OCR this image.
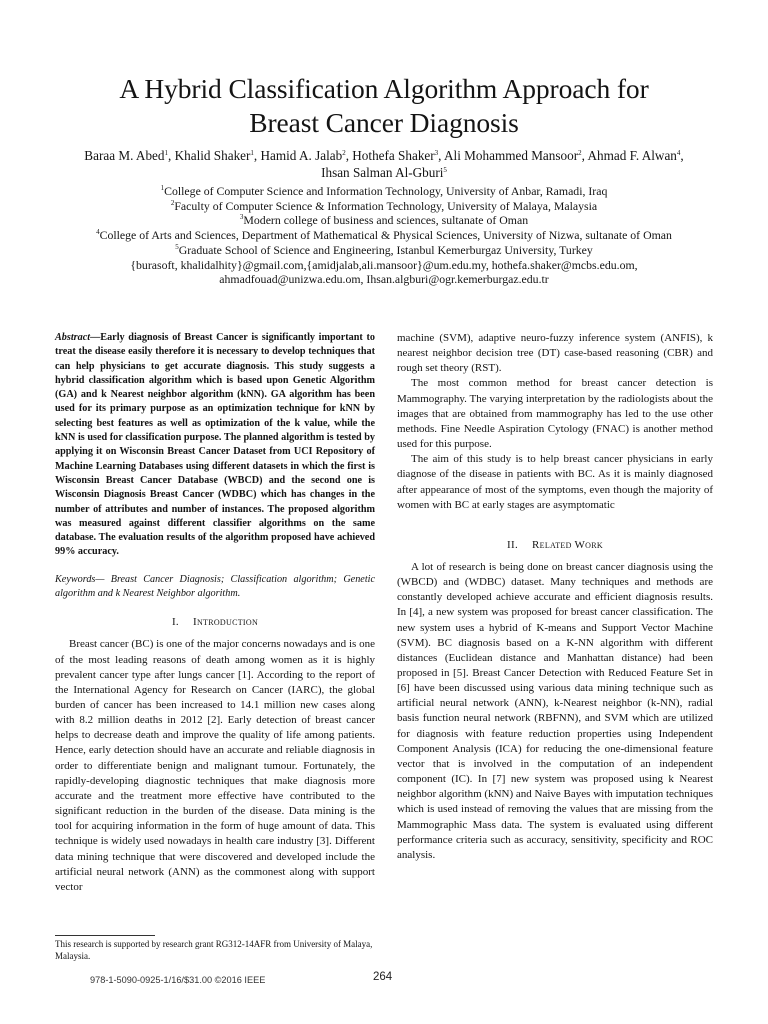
A Hybrid Classification Algorithm Approach for
Breast Cancer Diagnosis
Baraa M. Abed$^1$, Khalid Shaker$^1$, Hamid A. Jalab$^2$, Hothefa Shaker$^3$, Ali Mohammed Mansoor$^2$, Ahmad F. Alwan$^4$,
Ihsan Salman Al-Gburi$^5$
$^1$College of Computer Science and Information Technology, University of Anbar, Ramadi, Iraq
$^2$Faculty of Computer Science & Information Technology, University of Malaya, Malaysia
$^3$Modern college of business and sciences, sultanate of Oman
$^4$College of Arts and Sciences, Department of Mathematical & Physical Sciences, University of Nizwa, sultanate of Oman
$^5$Graduate School of Science and Engineering, Istanbul Kemerburgaz University, Turkey
{burasoft, khalidalhity}@gmail.com,{amidjalab,ali.mansoor}@um.edu.my, hothefa.shaker@mcbs.edu.om,
ahmadfouad@unizwa.edu.om, Ihsan.algburi@ogr.kemerburgaz.edu.tr

Abstract—Early diagnosis of Breast Cancer is significantly important to treat the disease easily therefore it is necessary to develop techniques that can help physicians to get accurate diagnosis. This study suggests a hybrid classification algorithm which is based upon Genetic Algorithm (GA) and k Nearest neighbor algorithm (kNN). GA algorithm has been used for its primary purpose as an optimization technique for kNN by selecting best features as well as optimization of the k value, while the kNN is used for classification purpose. The planned algorithm is tested by applying it on Wisconsin Breast Cancer Dataset from UCI Repository of Machine Learning Databases using different datasets in which the first is Wisconsin Breast Cancer Database (WBCD) and the second one is Wisconsin Diagnosis Breast Cancer (WDBC) which has changes in the number of attributes and number of instances. The proposed algorithm was measured against different classifier algorithms on the same database. The evaluation results of the algorithm proposed have achieved 99% accuracy.

Keywords— Breast Cancer Diagnosis; Classification algorithm; Genetic algorithm and k Nearest Neighbor algorithm.

I. Introduction

Breast cancer (BC) is one of the major concerns nowadays and is one of the most leading reasons of death among women as it is highly prevalent cancer type after lungs cancer [1]. According to the report of the International Agency for Research on Cancer (IARC), the global burden of cancer has been increased to 14.1 million new cases along with 8.2 million deaths in 2012 [2]. Early detection of breast cancer helps to decrease death and improve the quality of life among patients. Hence, early detection should have an accurate and reliable diagnosis in order to differentiate benign and malignant tumour. Fortunately, the rapidly-developing diagnostic techniques that make diagnosis more accurate and the treatment more effective have contributed to the significant reduction in the burden of the disease. Data mining is the tool for acquiring information in the form of huge amount of data. This technique is widely used nowadays in health care industry [3]. Different data mining technique that were discovered and developed include the artificial neural network (ANN) as the commonest along with support vector

machine (SVM), adaptive neuro-fuzzy inference system (ANFIS), k nearest neighbor decision tree (DT) case-based reasoning (CBR) and rough set theory (RST).

The most common method for breast cancer detection is Mammography. The varying interpretation by the radiologists about the images that are obtained from mammography has led to the use other methods. Fine Needle Aspiration Cytology (FNAC) is another method used for this purpose.

The aim of this study is to help breast cancer physicians in early diagnose of the disease in patients with BC. As it is mainly diagnosed after appearance of most of the symptoms, even though the majority of women with BC at early stages are asymptomatic

II. Related Work

A lot of research is being done on breast cancer diagnosis using the (WBCD) and (WDBC) dataset. Many techniques and methods are constantly developed achieve accurate and efficient diagnosis results. In [4], a new system was proposed for breast cancer classification. The new system uses a hybrid of K-means and Support Vector Machine (SVM). BC diagnosis based on a K-NN algorithm with different distances (Euclidean distance and Manhattan distance) had been proposed in [5]. Breast Cancer Detection with Reduced Feature Set in [6] have been discussed using various data mining technique such as artificial neural network (ANN), k-Nearest neighbor (k-NN), radial basis function neural network (RBFNN), and SVM which are utilized for diagnosis with feature reduction properties using Independent Component Analysis (ICA) for reducing the one-dimensional feature vector that is involved in the computation of an independent component (IC). In [7] new system was proposed using k Nearest neighbor algorithm (kNN) and Naive Bayes with imputation techniques which is used instead of removing the values that are missing from the Mammographic Mass data. The system is evaluated using different performance criteria such as accuracy, sensitivity, specificity and ROC analysis.

This research is supported by research grant RG312-14AFR from University of Malaya, Malaysia.
978-1-5090-0925-1/16/$31.00 ©2016 IEEE	264
